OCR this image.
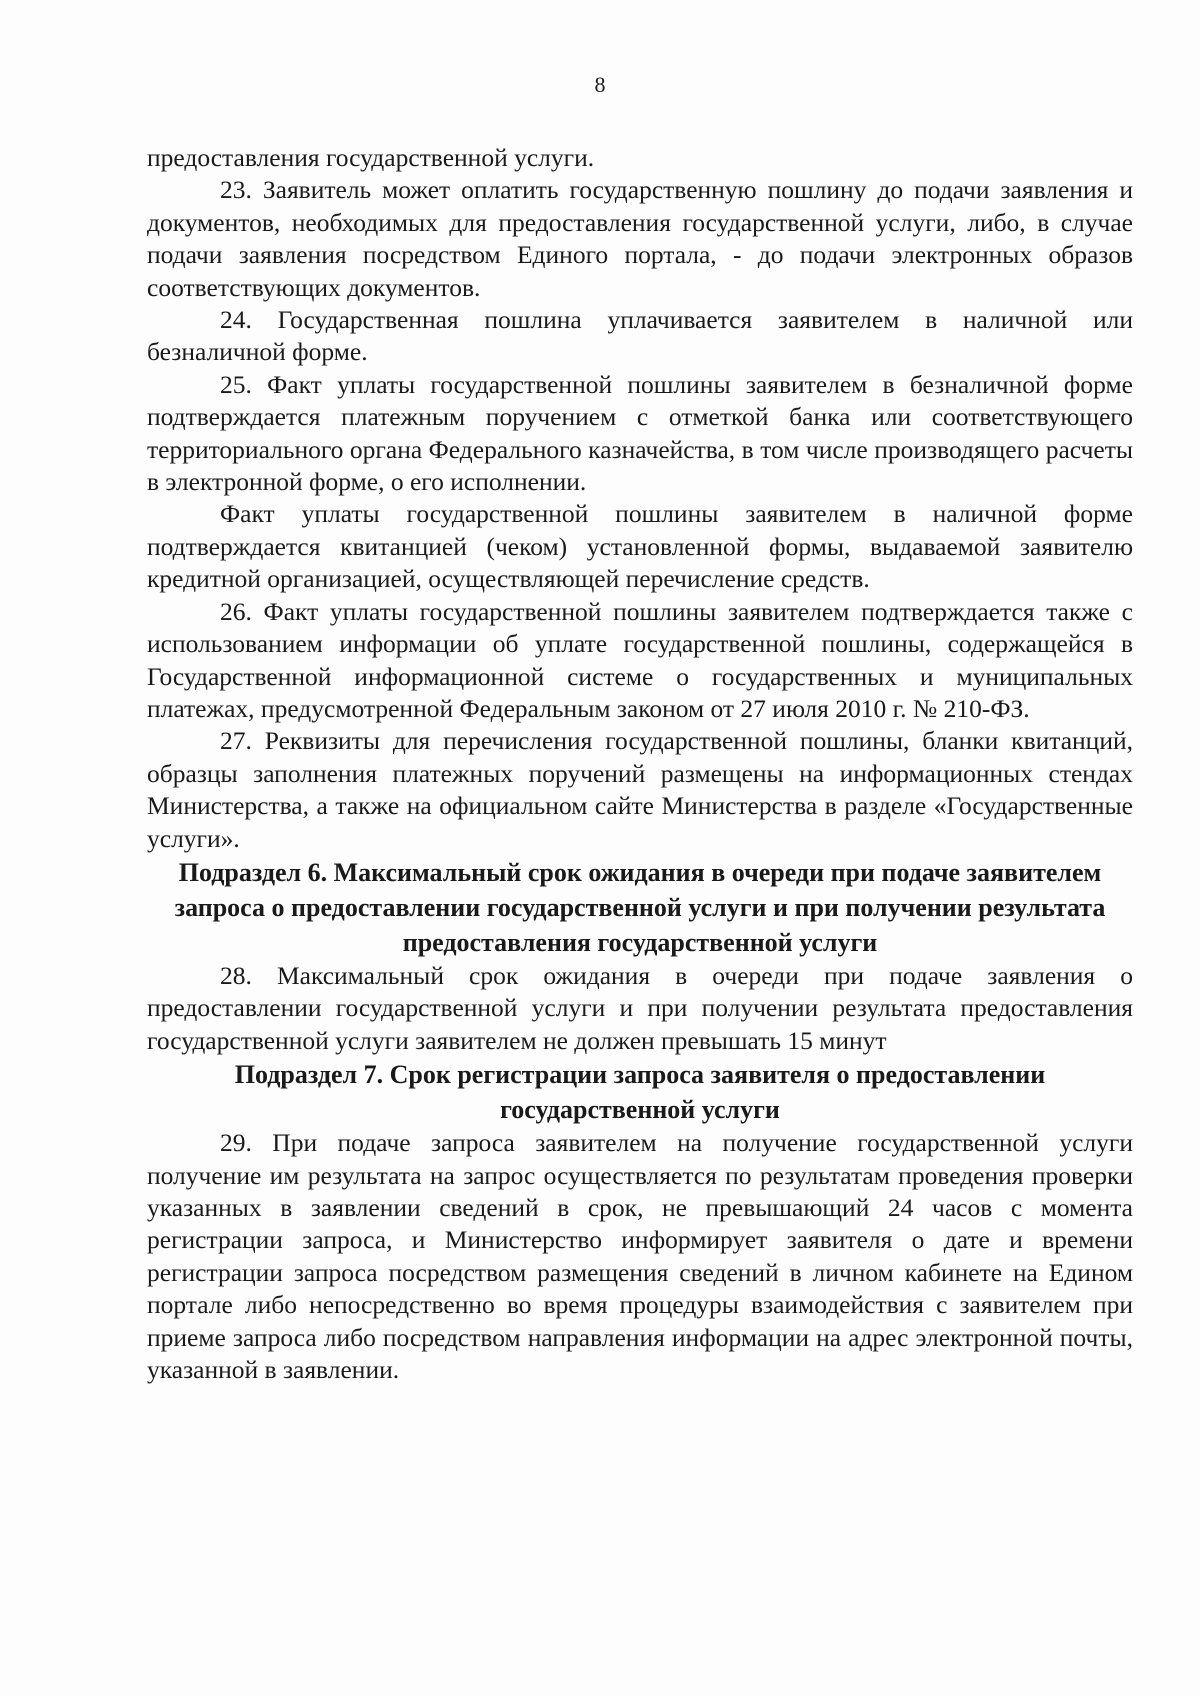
8

предоставления государственной услуги.

23. Заявитель может оплатить государственную пошлину до подачи заявления и документов, необходимых для предоставления государственной услуги, либо, в случае подачи заявления посредством Единого портала, - до подачи электронных образов соответствующих документов.

24. Государственная пошлина уплачивается заявителем в наличной или безналичной форме.

25. Факт уплаты государственной пошлины заявителем в безналичной форме подтверждается платежным поручением с отметкой банка или соответствующего территориального органа Федерального казначейства, в том числе производящего расчеты в электронной форме, о его исполнении.

Факт уплаты государственной пошлины заявителем в наличной форме подтверждается квитанцией (чеком) установленной формы, выдаваемой заявителю кредитной организацией, осуществляющей перечисление средств.

26. Факт уплаты государственной пошлины заявителем подтверждается также с использованием информации об уплате государственной пошлины, содержащейся в Государственной информационной системе о государственных и муниципальных платежах, предусмотренной Федеральным законом от 27 июля 2010 г. № 210-ФЗ.

27. Реквизиты для перечисления государственной пошлины, бланки квитанций, образцы заполнения платежных поручений размещены на информационных стендах Министерства, а также на официальном сайте Министерства в разделе «Государственные услуги».

Подраздел 6. Максимальный срок ожидания в очереди при подаче заявителем запроса о предоставлении государственной услуги и при получении результата предоставления государственной услуги

28. Максимальный срок ожидания в очереди при подаче заявления о предоставлении государственной услуги и при получении результата предоставления государственной услуги заявителем не должен превышать 15 минут

Подраздел 7. Срок регистрации запроса заявителя о предоставлении государственной услуги

29. При подаче запроса заявителем на получение государственной услуги получение им результата на запрос осуществляется по результатам проведения проверки указанных в заявлении сведений в срок, не превышающий 24 часов с момента регистрации запроса, и Министерство информирует заявителя о дате и времени регистрации запроса посредством размещения сведений в личном кабинете на Едином портале либо непосредственно во время процедуры взаимодействия с заявителем при приеме запроса либо посредством направления информации на адрес электронной почты, указанной в заявлении.
